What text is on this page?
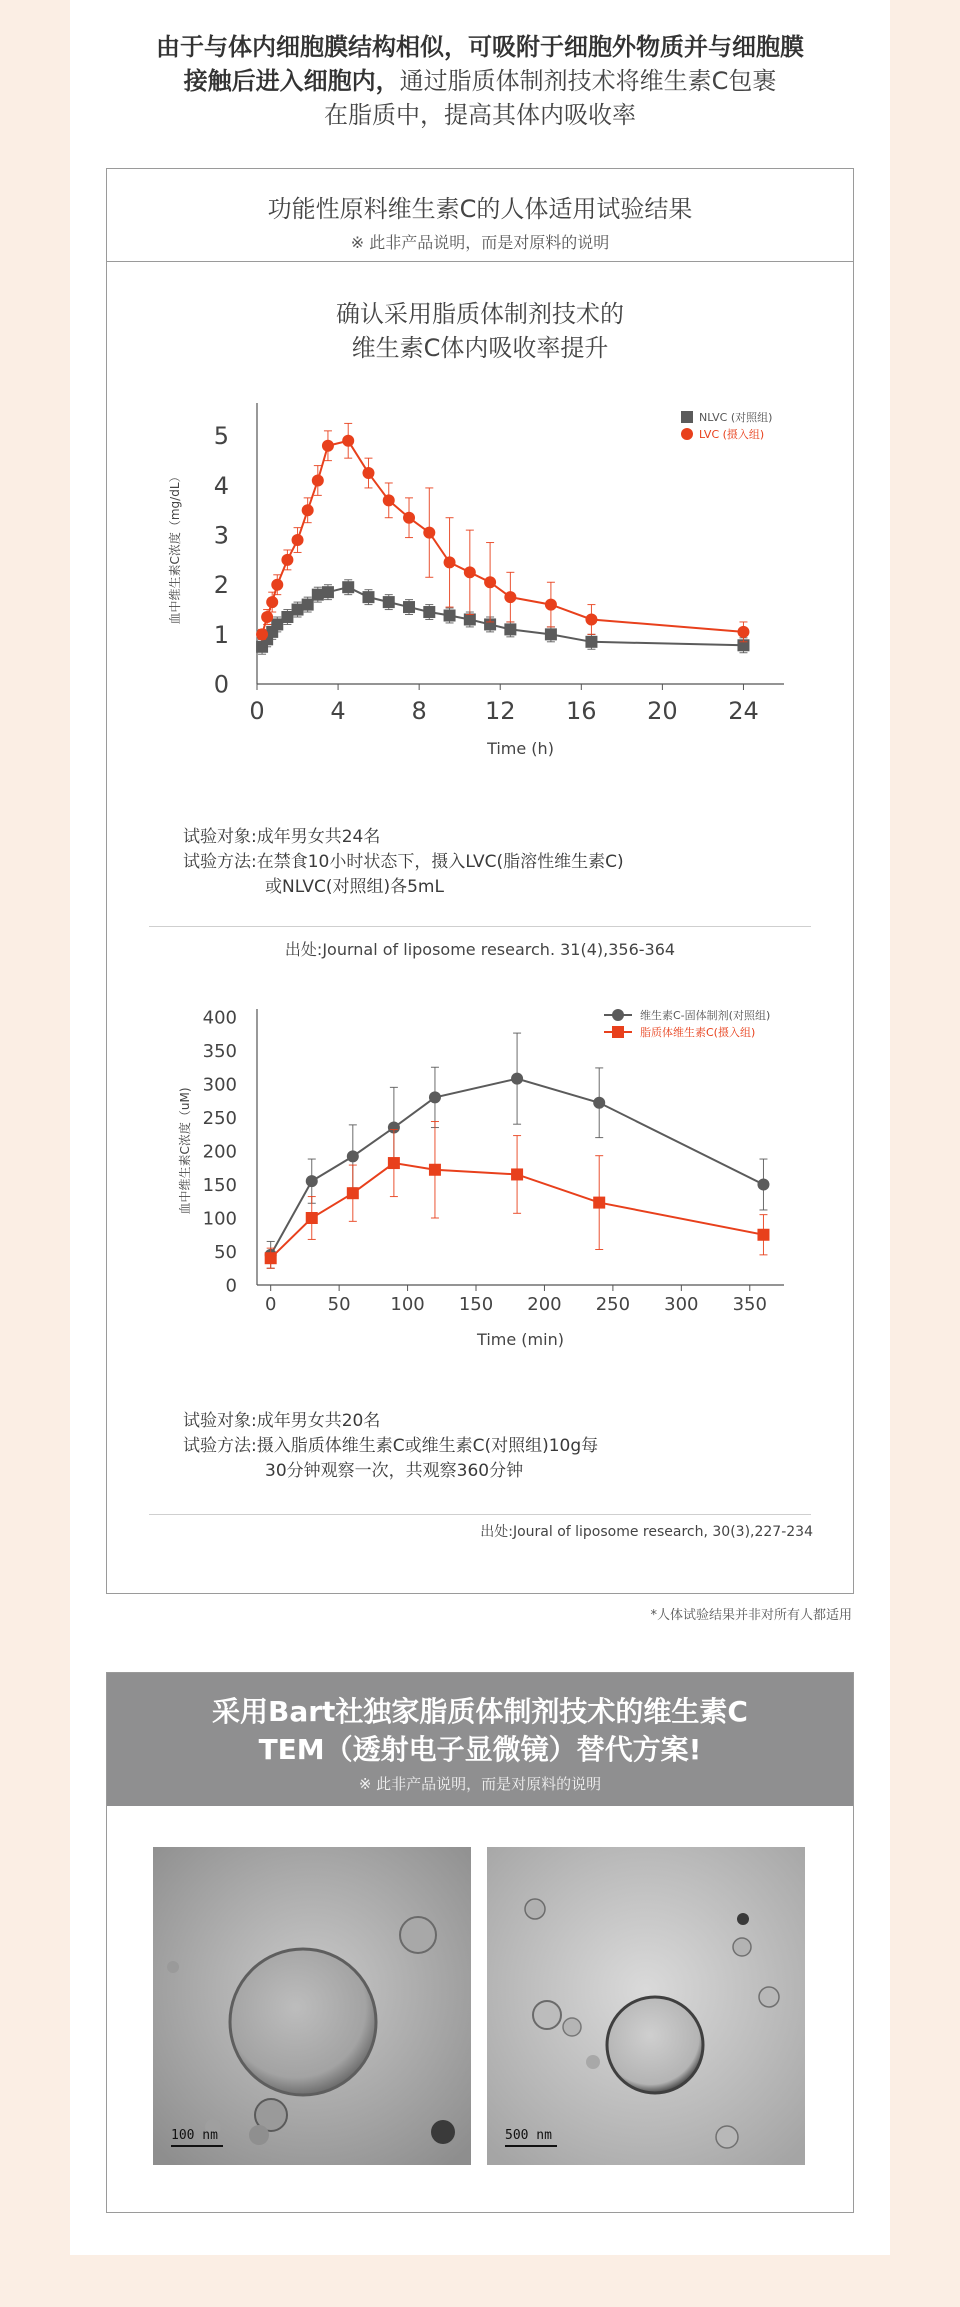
由于与体内细胞膜结构相似，可吸附于细胞外物质并与细胞膜
接触后进入细胞内，通过脂质体制剂技术将维生素C包裹
在脂质中，提高其体内吸收率
功能性原料维生素C的人体适用试验结果
※ 此非产品说明，而是对原料的说明
确认采用脂质体制剂技术的
维生素C体内吸收率提升
0
1
2
3
4
5
0	4	8 12 16 20 24
Time (h)
血中维生素C浓度（mg/dL）
NLVC (对照组)
LVC (摄入组)
试验对象:成年男女共24名
试验方法:在禁食10小时状态下，摄入LVC(脂溶性维生素C)
或NLVC(对照组)各5mL
出处:Journal of liposome research. 31(4),356-364
0
50
100
150
200
250
300
350
400
0	50 100 150 200 250 300 350
Time (min)
血中维生素C浓度（uM)
维生素C-固体制剂(对照组)
脂质体维生素C(摄入组)
试验对象:成年男女共20名
试验方法:摄入脂质体维生素C或维生素C(对照组)10g每
30分钟观察一次，共观察360分钟
出处:Joural of liposome research, 30(3),227-234
*人体试验结果并非对所有人都适用
采用Bart社独家脂质体制剂技术的维生素C
TEM（透射电子显微镜）替代方案!
※ 此非产品说明，而是对原料的说明
100 nm	500 nm
